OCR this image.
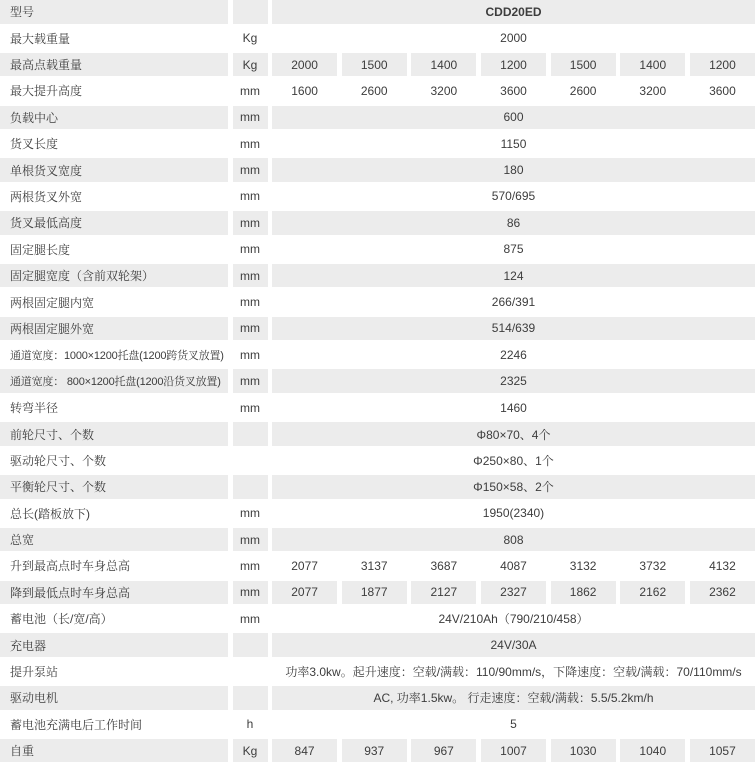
型号	CDD20ED
最大载重量	Kg	2000
最高点载重量	Kg	2000	1500	1400	1200	1500	1400	1200
最大提升高度	mm	1600	2600	3200	3600	2600	3200	3600
负载中心	mm	600
货叉长度	mm	1150
单根货叉宽度	mm	180
两根货叉外宽	mm	570/695
货叉最低高度	mm	86
固定腿长度	mm	875
固定腿宽度（含前双轮架）	mm	124
两根固定腿内宽	mm	266/391
两根固定腿外宽	mm	514/639
通道宽度：1000×1200托盘(1200跨货叉放置)	mm	2246
通道宽度： 800×1200托盘(1200沿货叉放置)	mm	2325
转弯半径	mm	1460
前轮尺寸、个数	Φ80×70、4个
驱动轮尺寸、个数	Φ250×80、1个
平衡轮尺寸、个数	Φ150×58、2个
总长(踏板放下)	mm	1950(2340)
总宽	mm	808
升到最高点时车身总高	mm	2077	3137	3687	4087	3132	3732	4132
降到最低点时车身总高	mm	2077	1877	2127	2327	1862	2162	2362
蓄电池（长/宽/高）	mm	24V/210Ah（790/210/458）
充电器	24V/30A
提升泵站	功率3.0kw。起升速度：空载/满载：110/90mm/s，下降速度：空载/满载：70/110mm/s
驱动电机	AC, 功率1.5kw。 行走速度：空载/满载：5.5/5.2km/h
蓄电池充满电后工作时间	h	5
自重	Kg	847	937	967	1007	1030	1040	1057
